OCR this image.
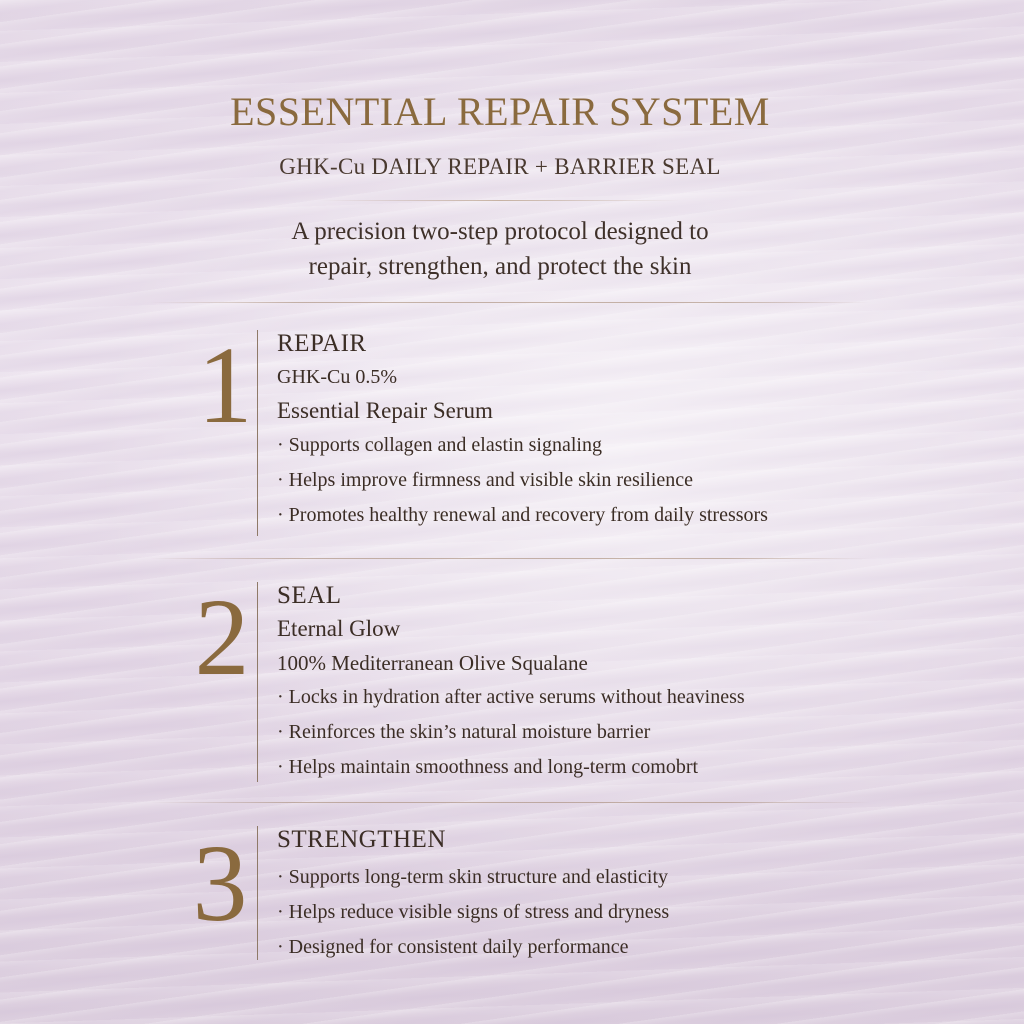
ESSENTIAL REPAIR SYSTEM
GHK-Cu DAILY REPAIR + BARRIER SEAL
A precision two-step protocol designed to
repair, strengthen, and protect the skin
1 REPAIR

GHK-Cu 0.5%

Essential Repair Serum

· Supports collagen and elastin signaling
· Helps improve firmness and visible skin resilience
· Promotes healthy renewal and recovery from daily stressors
2	SEAL

Eternal Glow

100% Mediterranean Olive Squalane

· Locks in hydration after active serums without heaviness
· Reinforces the skin’s natural moisture barrier
· Helps maintain smoothness and long-term comobrt
3	STRENGTHEN

· Supports long-term skin structure and elasticity
· Helps reduce visible signs of stress and dryness
· Designed for consistent daily performance
